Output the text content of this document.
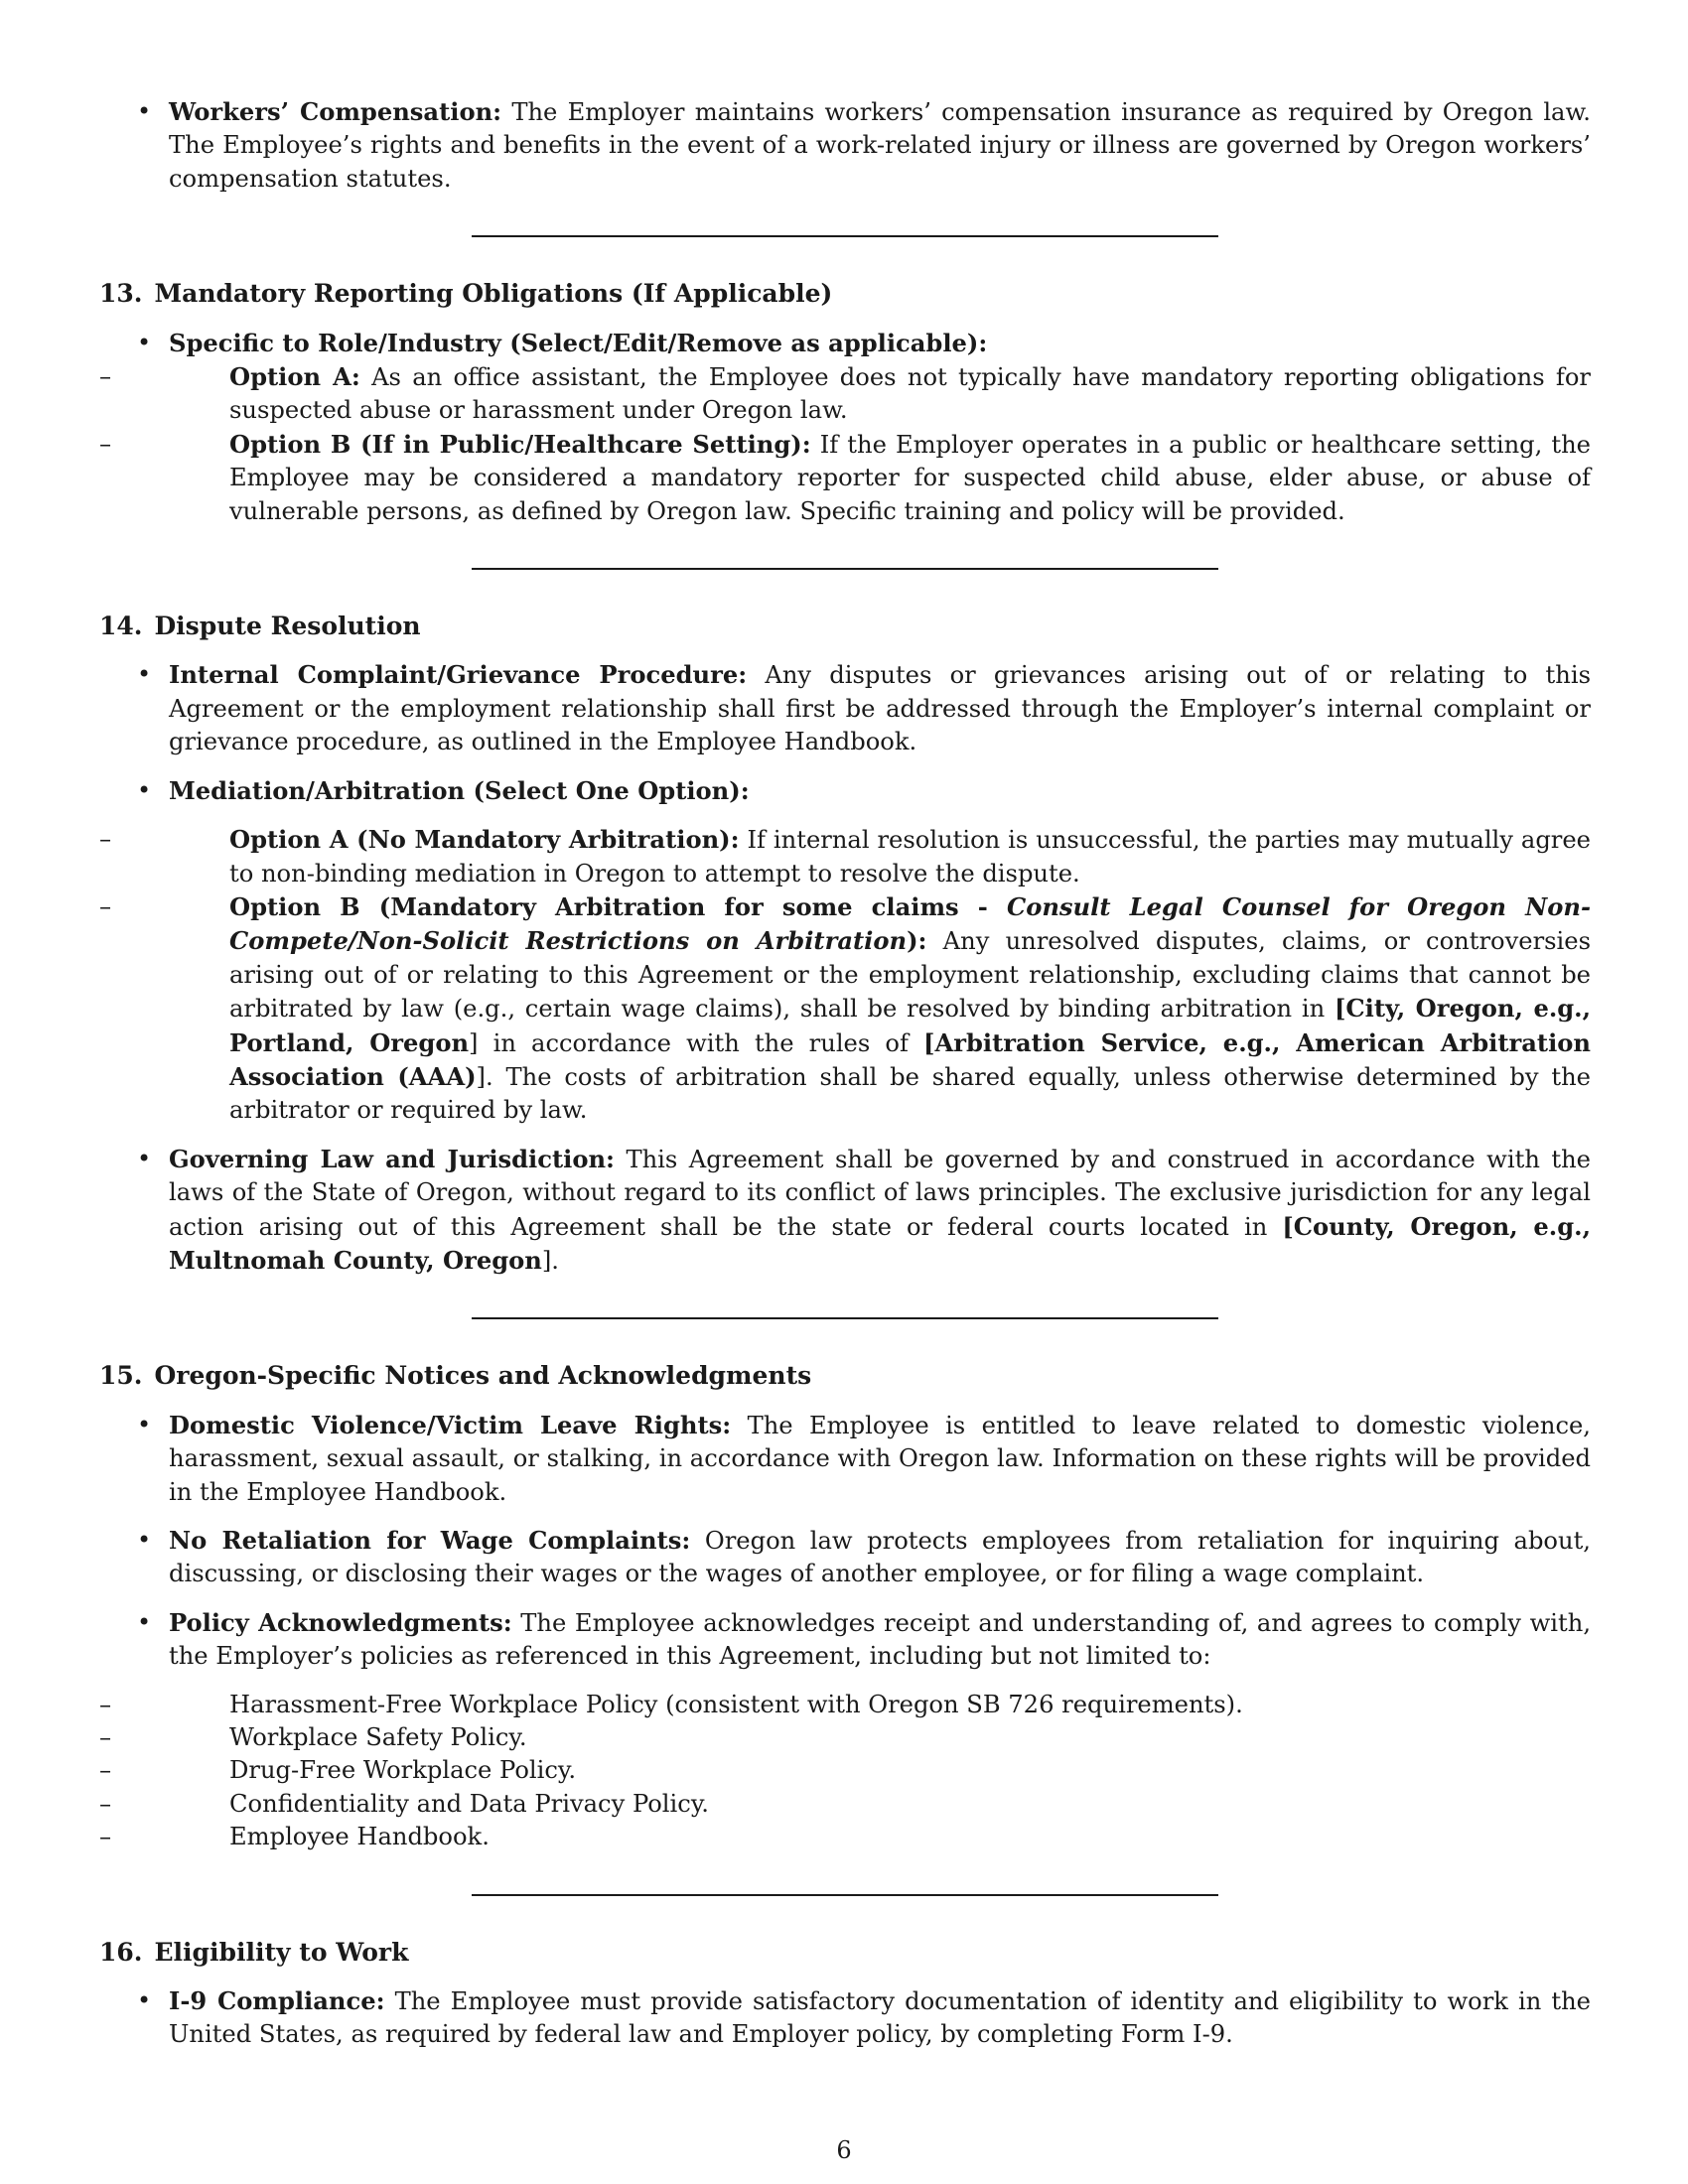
• Workers’ Compensation: The Employer maintains workers’ compensation insurance as required by Oregon law. The Employee’s rights and benefits in the event of a work-related injury or illness are governed by Oregon workers’ compensation statutes.
13. Mandatory Reporting Obligations (If Applicable)
• Specific to Role/Industry (Select/Edit/Remove as applicable):
– Option A: As an office assistant, the Employee does not typically have mandatory reporting obligations for suspected abuse or harassment under Oregon law.
– Option B (If in Public/Healthcare Setting): If the Employer operates in a public or healthcare setting, the Employee may be considered a mandatory reporter for suspected child abuse, elder abuse, or abuse of vulnerable persons, as defined by Oregon law. Specific training and policy will be provided.
14. Dispute Resolution
• Internal Complaint/Grievance Procedure: Any disputes or grievances arising out of or relating to this Agreement or the employment relationship shall first be addressed through the Employer’s internal complaint or grievance procedure, as outlined in the Employee Handbook.
• Mediation/Arbitration (Select One Option):
– Option A (No Mandatory Arbitration): If internal resolution is unsuccessful, the parties may mutually agree to non-binding mediation in Oregon to attempt to resolve the dispute.
– Option B (Mandatory Arbitration for some claims - Consult Legal Counsel for Oregon Non-Compete/Non-Solicit Restrictions on Arbitration): Any unresolved disputes, claims, or controversies arising out of or relating to this Agreement or the employment relationship, excluding claims that cannot be arbitrated by law (e.g., certain wage claims), shall be resolved by binding arbitration in [City, Oregon, e.g., Portland, Oregon] in accordance with the rules of [Arbitration Service, e.g., American Arbitration Association (AAA)]. The costs of arbitration shall be shared equally, unless otherwise determined by the arbitrator or required by law.
• Governing Law and Jurisdiction: This Agreement shall be governed by and construed in accordance with the laws of the State of Oregon, without regard to its conflict of laws principles. The exclusive jurisdiction for any legal action arising out of this Agreement shall be the state or federal courts located in [County, Oregon, e.g., Multnomah County, Oregon].
15. Oregon-Specific Notices and Acknowledgments
• Domestic Violence/Victim Leave Rights: The Employee is entitled to leave related to domestic violence, harassment, sexual assault, or stalking, in accordance with Oregon law. Information on these rights will be provided in the Employee Handbook.
• No Retaliation for Wage Complaints: Oregon law protects employees from retaliation for inquiring about, discussing, or disclosing their wages or the wages of another employee, or for filing a wage complaint.
• Policy Acknowledgments: The Employee acknowledges receipt and understanding of, and agrees to comply with, the Employer’s policies as referenced in this Agreement, including but not limited to:
– Harassment-Free Workplace Policy (consistent with Oregon SB 726 requirements).
– Workplace Safety Policy.
– Drug-Free Workplace Policy.
– Confidentiality and Data Privacy Policy.
– Employee Handbook.
16. Eligibility to Work
• I-9 Compliance: The Employee must provide satisfactory documentation of identity and eligibility to work in the United States, as required by federal law and Employer policy, by completing Form I-9.
6
